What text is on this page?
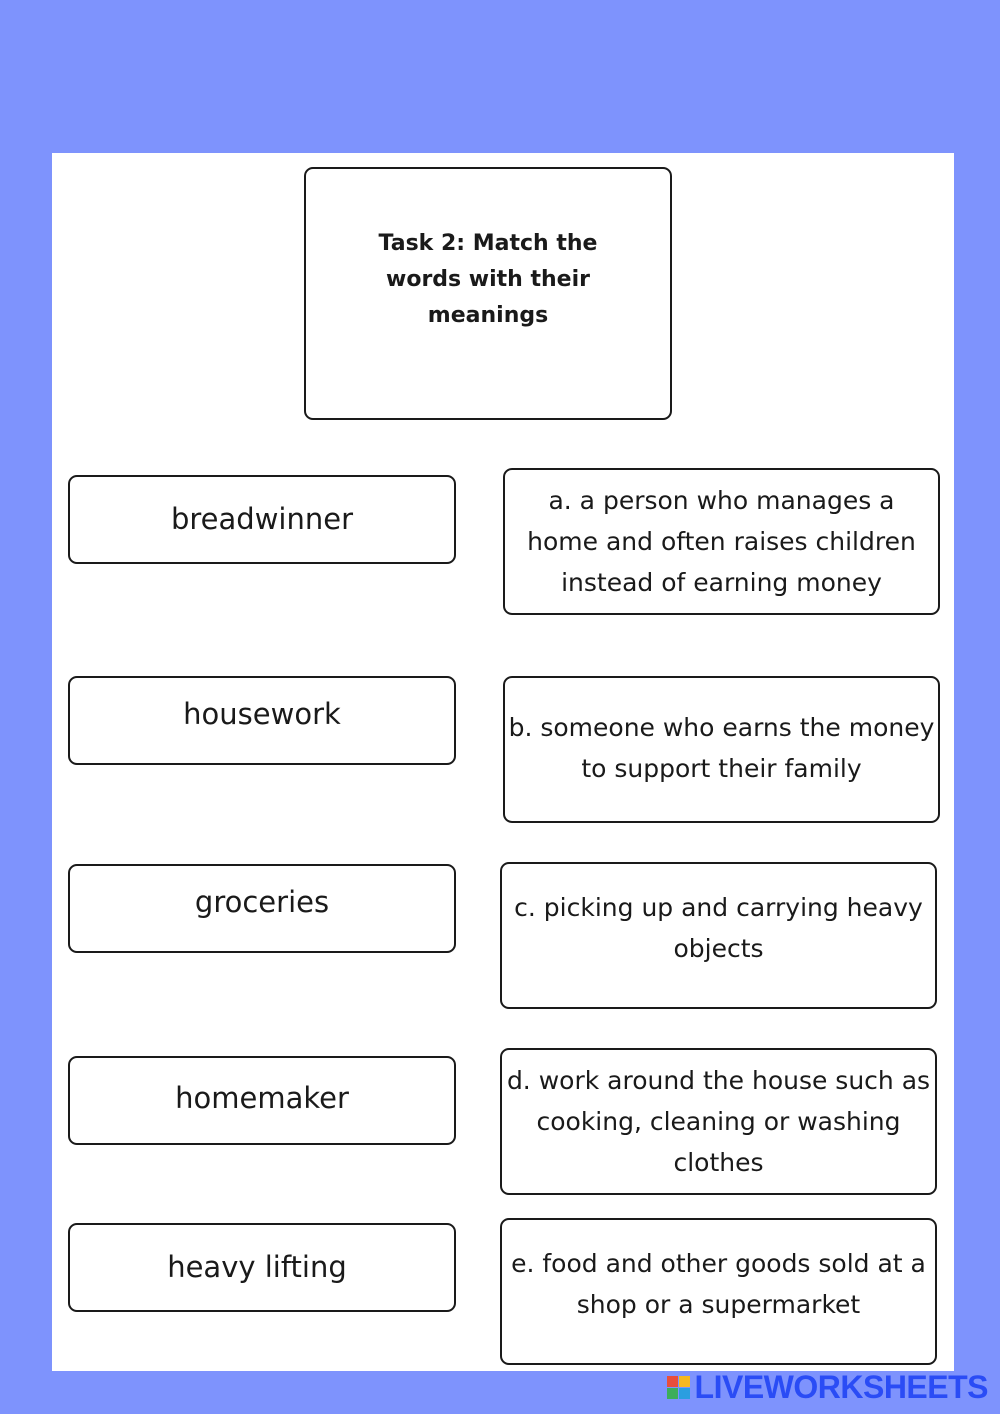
Task 2: Match the words with their meanings
breadwinner
housework
groceries
homemaker
heavy lifting
a. a person who manages a home and often raises children instead of earning money
b. someone who earns the money to support their family
c. picking up and carrying heavy objects
d. work around the house such as cooking, cleaning or washing clothes
e. food and other goods sold at a shop or a supermarket
LIVEWORKSHEETS
